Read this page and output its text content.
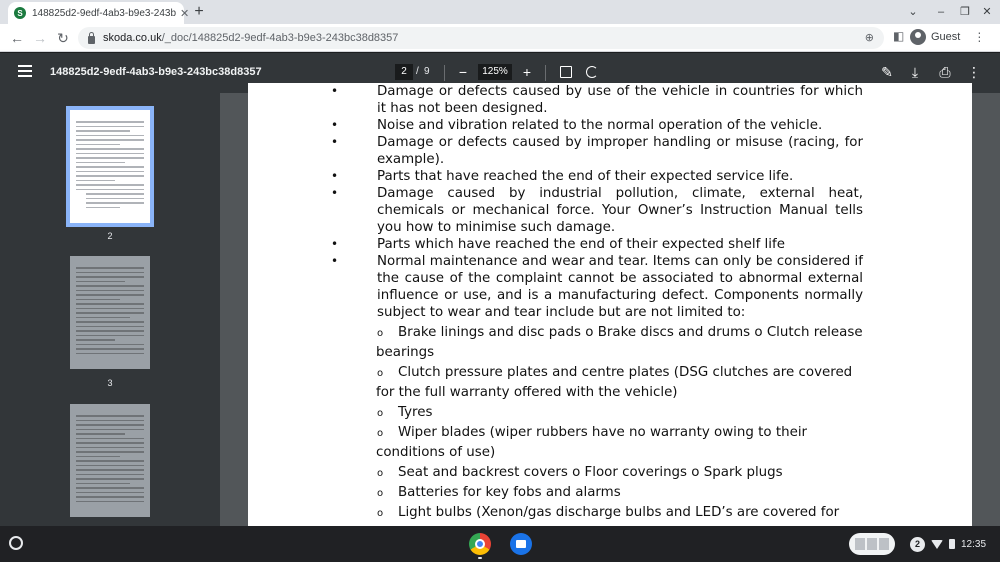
S 148825d2-9edf-4ab3-b9e3-243b ✕ +	⌄	–	❐	✕
← → ↻	skoda.co.uk /_doc/148825d2-9edf-4ab3-b9e3-243bc38d8357	⊕ ◧ Guest ⋮
148825d2-9edf-4ab3-b9e3-243bc38d8357	2 / 9	−	125%	+	✎	⤓	⎙ ⋮
2
3
•	Damage or defects caused by use of the vehicle in countries for which it has not been designed.
•	Noise and vibration related to the normal operation of the vehicle.
•	Damage or defects caused by improper handling or misuse (racing, for example).
•	Parts that have reached the end of their expected service life.
•	Damage caused by industrial pollution, climate, external heat, chemicals or mechanical force. Your Owner’s Instruction Manual tells you how to minimise such damage.
•	Parts which have reached the end of their expected shelf life
•	Normal maintenance and wear and tear. Items can only be considered if the cause of the complaint cannot be associated to abnormal external influence or use, and is a manufacturing defect. Components normally subject to wear and tear include but are not limited to:
o Brake linings and disc pads o Brake discs and drums o Clutch release
bearings
o Clutch pressure plates and centre plates (DSG clutches are covered
for the full warranty offered with the vehicle)
o Tyres
o Wiper blades (wiper rubbers have no warranty owing to their
conditions of use)
o Seat and backrest covers o Floor coverings o Spark plugs
o Batteries for key fobs and alarms
o Light bulbs (Xenon/gas discharge bulbs and LED’s are covered for
2	12:35
